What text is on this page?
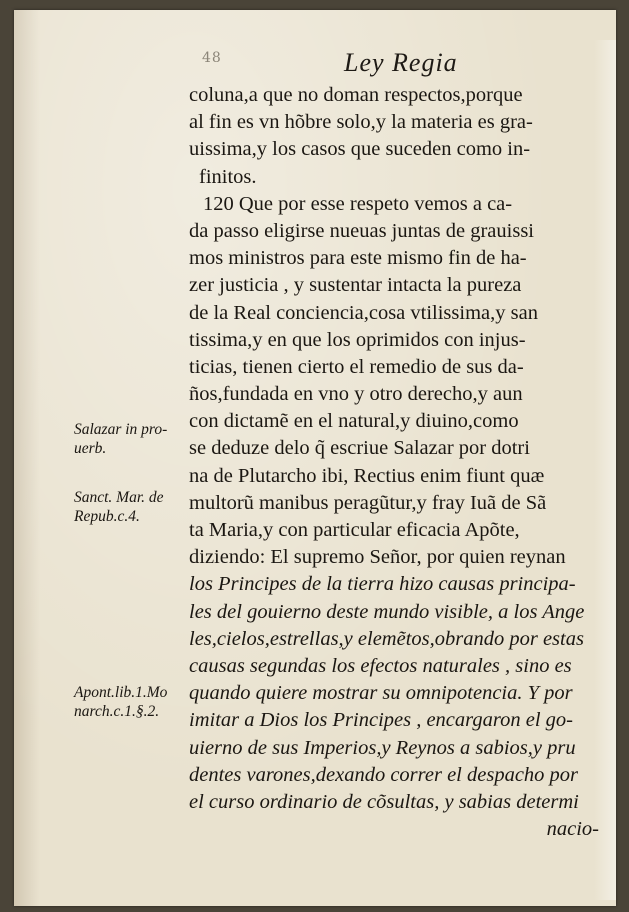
48	Ley Regia
coluna,a que no doman respectos,porque
al fin es vn hõbre solo,y la materia es gra-
uissima,y los casos que suceden como in-
finitos.
120 Que por esse respeto vemos a ca-
da passo eligirse nueuas juntas de grauissi
mos ministros para este mismo fin de ha-
zer justicia , y sustentar intacta la pureza
de la Real conciencia,cosa vtilissima,y san
tissima,y en que los oprimidos con injus-
ticias, tienen cierto el remedio de sus da-
ños,fundada en vno y otro derecho,y aun
con dictamẽ en el natural,y diuino,como
se deduze delo q̃ escriue Salazar por dotri
na de Plutarcho ibi, Rectius enim fiunt quæ
multorũ manibus peragũtur,y fray Iuã de Sã
ta Maria,y con particular eficacia Apõte,
diziendo: El supremo Señor, por quien reynan
los Principes de la tierra hizo causas principa-
les del gouierno deste mundo visible, a los Ange
les,cielos,estrellas,y elemẽtos,obrando por estas
causas segundas los efectos naturales , sino es
quando quiere mostrar su omnipotencia. Y por
imitar a Dios los Principes , encargaron el go-
uierno de sus Imperios,y Reynos a sabios,y pru
dentes varones,dexando correr el despacho por
el curso ordinario de cõsultas, y sabias determi
nacio-
Salazar in pro-
uerb.
Sanct. Mar. de
Repub.c.4.
Apont.lib.1.Mo
narch.c.1.§.2.
